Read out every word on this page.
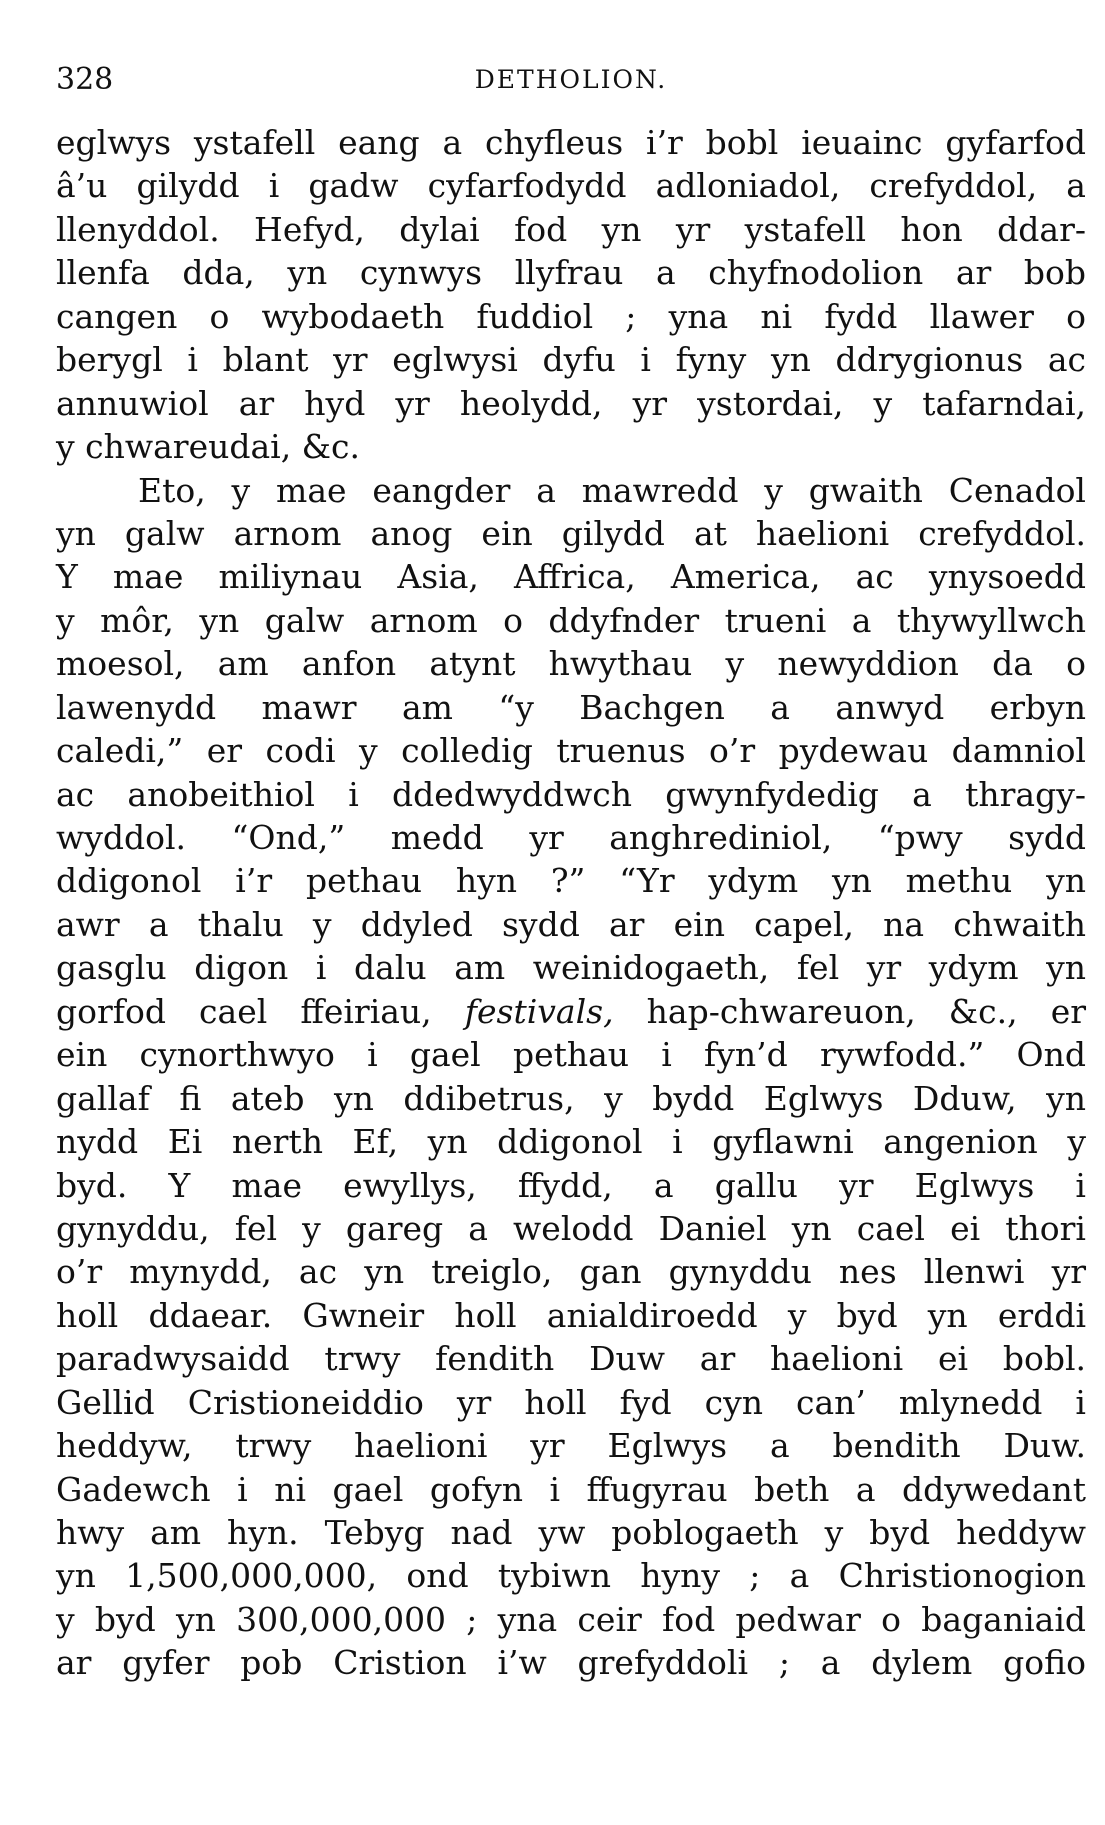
328	DETHOLION.
eglwys ystafell eang a chyfleus i’r bobl ieuainc gyfarfod
â’u gilydd i gadw cyfarfodydd adloniadol, crefyddol, a
llenyddol. Hefyd, dylai fod yn yr ystafell hon ddar-
llenfa dda, yn cynwys llyfrau a chyfnodolion ar bob
cangen o wybodaeth fuddiol ; yna ni fydd llawer o
berygl i blant yr eglwysi dyfu i fyny yn ddrygionus ac
annuwiol ar hyd yr heolydd, yr ystordai, y tafarndai,
y chwareudai, &c.
Eto, y mae eangder a mawredd y gwaith Cenadol
yn galw arnom anog ein gilydd at haelioni crefyddol.
Y mae miliynau Asia, Affrica, America, ac ynysoedd
y môr, yn galw arnom o ddyfnder trueni a thywyllwch
moesol, am anfon atynt hwythau y newyddion da o
lawenydd mawr am “y Bachgen a anwyd erbyn
caledi,” er codi y colledig truenus o’r pydewau damniol
ac anobeithiol i ddedwyddwch gwynfydedig a thragy-
wyddol. “Ond,” medd yr anghrediniol, “pwy sydd
ddigonol i’r pethau hyn ?” “Yr ydym yn methu yn
awr a thalu y ddyled sydd ar ein capel, na chwaith
gasglu digon i dalu am weinidogaeth, fel yr ydym yn
gorfod cael ffeiriau, festivals, hap-chwareuon, &c., er
ein cynorthwyo i gael pethau i fyn’d rywfodd.” Ond
gallaf fi ateb yn ddibetrus, y bydd Eglwys Dduw, yn
nydd Ei nerth Ef, yn ddigonol i gyflawni angenion y
byd. Y mae ewyllys, ffydd, a gallu yr Eglwys i
gynyddu, fel y gareg a welodd Daniel yn cael ei thori
o’r mynydd, ac yn treiglo, gan gynyddu nes llenwi yr
holl ddaear. Gwneir holl anialdiroedd y byd yn erddi
paradwysaidd trwy fendith Duw ar haelioni ei bobl.
Gellid Cristioneiddio yr holl fyd cyn can’ mlynedd i
heddyw, trwy haelioni yr Eglwys a bendith Duw.
Gadewch i ni gael gofyn i ffugyrau beth a ddywedant
hwy am hyn. Tebyg nad yw poblogaeth y byd heddyw
yn 1,500,000,000, ond tybiwn hyny ; a Christionogion
y byd yn 300,000,000 ; yna ceir fod pedwar o baganiaid
ar gyfer pob Cristion i’w grefyddoli ; a dylem gofio
